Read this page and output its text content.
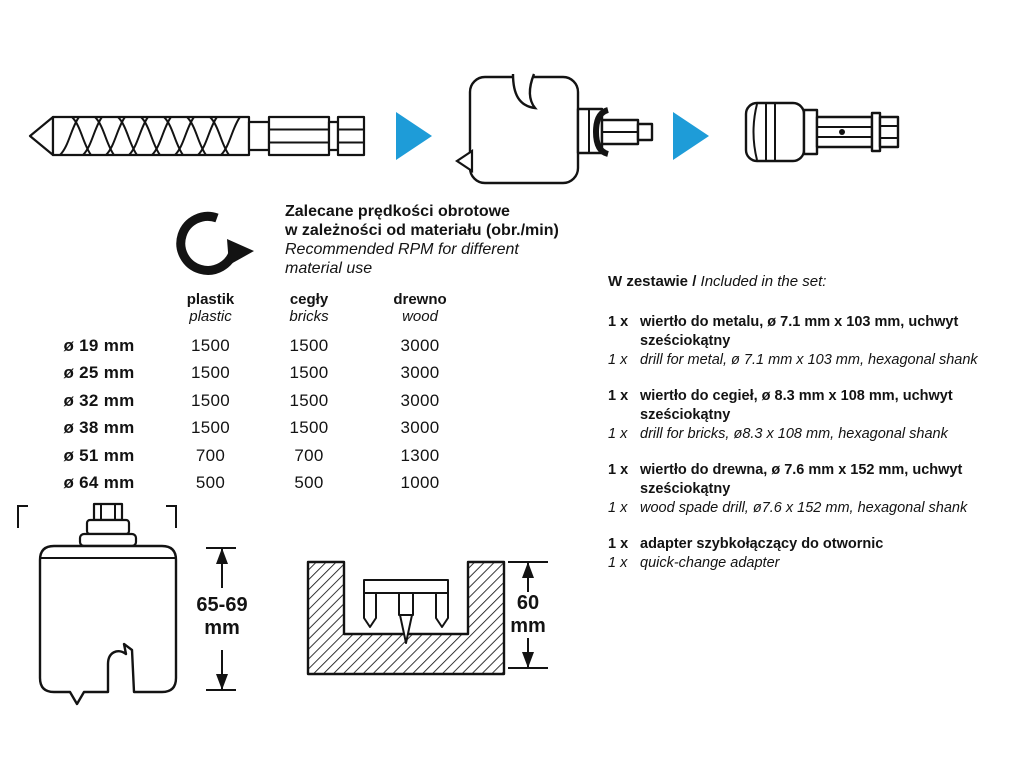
Zalecane prędkości obrotowe
w zależności od materiału (obr./min)
Recommended RPM for different
material use

plastik
plastic

cegły
bricks

drewno
wood

ø 19 mm	1500	1500	3000
ø 25 mm	1500	1500	3000
ø 32 mm	1500	1500	3000
ø 38 mm	1500	1500	3000
ø 51 mm	700	700	1300
ø 64 mm	500	500	1000
W zestawie / Included in the set:
1 x wiertło do metalu, ø 7.1 mm x 103 mm, uchwyt sześciokątny
1 x drill for metal, ø 7.1 mm x 103 mm, hexagonal shank
1 x wiertło do cegieł, ø 8.3 mm x 108 mm, uchwyt sześciokątny
1 x drill for bricks, ø8.3 x 108 mm, hexagonal shank
1 x wiertło do drewna, ø 7.6 mm x 152 mm, uchwyt sześciokątny
1 x wood spade drill, ø7.6 x 152 mm, hexagonal shank
1 x adapter szybkołączący do otwornic
1 x quick-change adapter
65-69 mm
60 mm
